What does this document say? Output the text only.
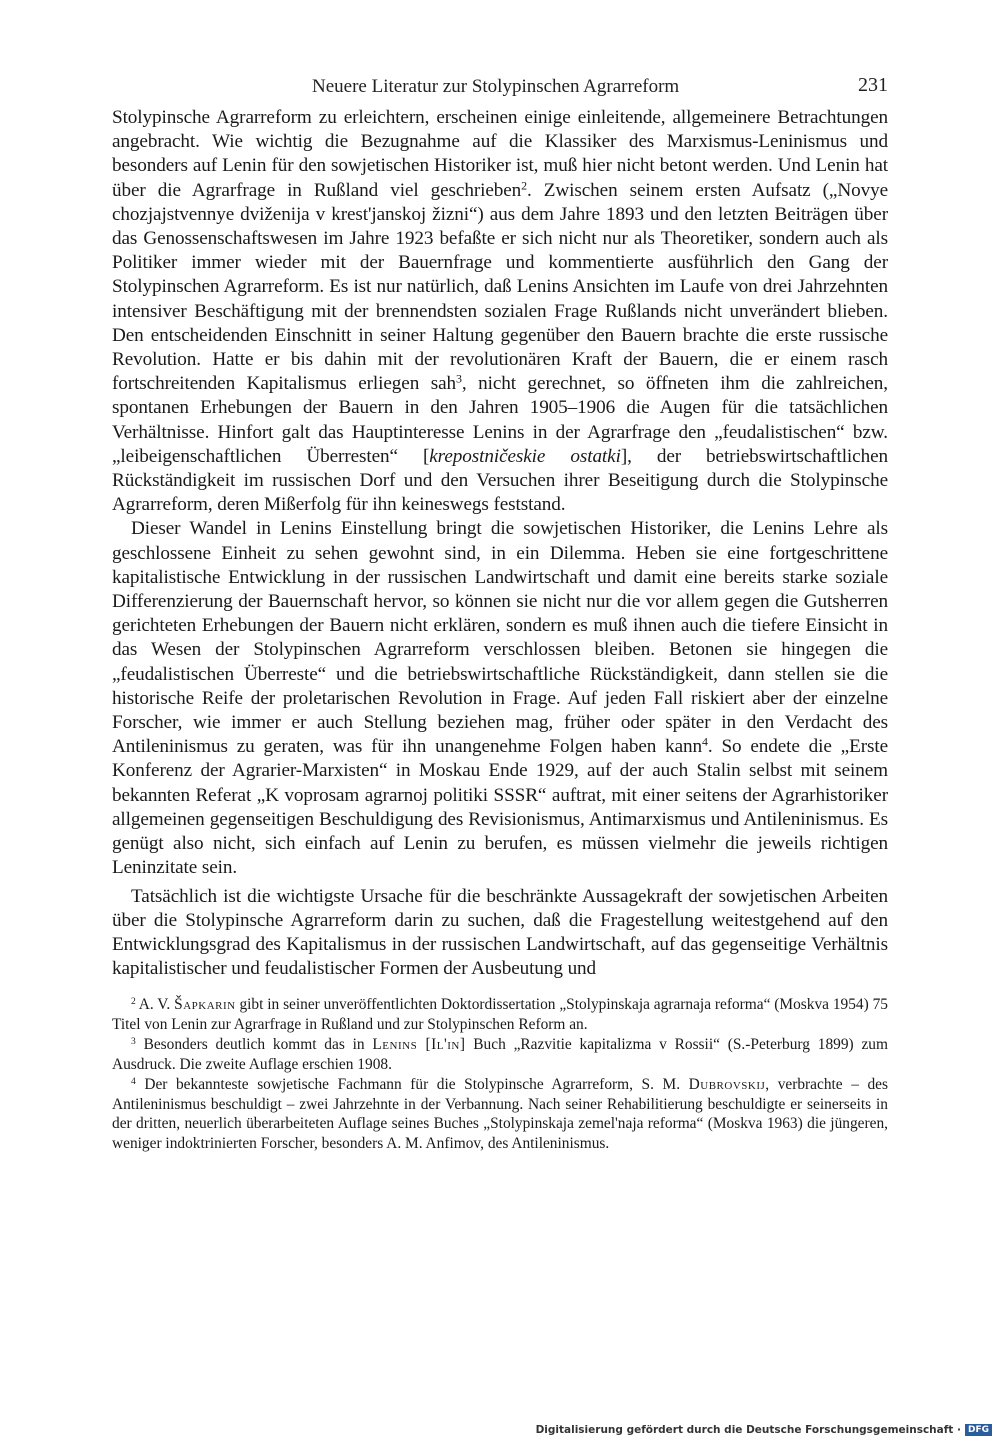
Neuere Literatur zur Stolypinschen Agrarreform	231

Stolypinsche Agrarreform zu erleichtern, erscheinen einige einleitende, allgemeinere Betrachtungen angebracht. Wie wichtig die Bezugnahme auf die Klassiker des Marxismus-Leninismus und besonders auf Lenin für den sowjetischen Historiker ist, muß hier nicht betont werden. Und Lenin hat über die Agrarfrage in Rußland viel geschrieben$^2$. Zwischen seinem ersten Aufsatz („Novye chozjajstvennye dviženija v krest'janskoj žizni“) aus dem Jahre 1893 und den letzten Beiträgen über das Genossenschaftswesen im Jahre 1923 befaßte er sich nicht nur als Theoretiker, sondern auch als Politiker immer wieder mit der Bauernfrage und kommentierte ausführlich den Gang der Stolypinschen Agrarreform. Es ist nur natürlich, daß Lenins Ansichten im Laufe von drei Jahrzehnten intensiver Beschäftigung mit der brennendsten sozialen Frage Rußlands nicht unverändert blieben. Den entscheidenden Einschnitt in seiner Haltung gegenüber den Bauern brachte die erste russische Revolution. Hatte er bis dahin mit der revolutionären Kraft der Bauern, die er einem rasch fortschreitenden Kapitalismus erliegen sah$^3$, nicht gerechnet, so öffneten ihm die zahlreichen, spontanen Erhebungen der Bauern in den Jahren 1905–1906 die Augen für die tatsächlichen Verhältnisse. Hinfort galt das Hauptinteresse Lenins in der Agrarfrage den „feudalistischen“ bzw. „leibeigenschaftlichen Überresten“ [krepostničeskie ostatki], der betriebswirtschaftlichen Rückständigkeit im russischen Dorf und den Versuchen ihrer Beseitigung durch die Stolypinsche Agrarreform, deren Mißerfolg für ihn keineswegs feststand.

Dieser Wandel in Lenins Einstellung bringt die sowjetischen Historiker, die Lenins Lehre als geschlossene Einheit zu sehen gewohnt sind, in ein Dilemma. Heben sie eine fortgeschrittene kapitalistische Entwicklung in der russischen Landwirtschaft und damit eine bereits starke soziale Differenzierung der Bauernschaft hervor, so können sie nicht nur die vor allem gegen die Gutsherren gerichteten Erhebungen der Bauern nicht erklären, sondern es muß ihnen auch die tiefere Einsicht in das Wesen der Stolypinschen Agrarreform verschlossen bleiben. Betonen sie hingegen die „feudalistischen Überreste“ und die betriebswirtschaftliche Rückständigkeit, dann stellen sie die historische Reife der proletarischen Revolution in Frage. Auf jeden Fall riskiert aber der einzelne Forscher, wie immer er auch Stellung beziehen mag, früher oder später in den Verdacht des Antileninismus zu geraten, was für ihn unangenehme Folgen haben kann$^4$. So endete die „Erste Konferenz der Agrarier-Marxisten“ in Moskau Ende 1929, auf der auch Stalin selbst mit seinem bekannten Referat „K voprosam agrarnoj politiki SSSR“ auftrat, mit einer seitens der Agrarhistoriker allgemeinen gegenseitigen Beschuldigung des Revisionismus, Antimarxismus und Antileninismus. Es genügt also nicht, sich einfach auf Lenin zu berufen, es müssen vielmehr die jeweils richtigen Leninzitate sein.

Tatsächlich ist die wichtigste Ursache für die beschränkte Aussagekraft der sowjetischen Arbeiten über die Stolypinsche Agrarreform darin zu suchen, daß die Fragestellung weitestgehend auf den Entwicklungsgrad des Kapitalismus in der russischen Landwirtschaft, auf das gegenseitige Verhältnis kapitalistischer und feudalistischer Formen der Ausbeutung und

$^2$ A. V. Šapkarin gibt in seiner unveröffentlichten Doktordissertation „Stolypinskaja agrarnaja reforma“ (Moskva 1954) 75 Titel von Lenin zur Agrarfrage in Rußland und zur Stolypinschen Reform an.

$^3$ Besonders deutlich kommt das in Lenins [Il'in] Buch „Razvitie kapitalizma v Rossii“ (S.-Peterburg 1899) zum Ausdruck. Die zweite Auflage erschien 1908.

$^4$ Der bekannteste sowjetische Fachmann für die Stolypinsche Agrarreform, S. M. Dubrovskij, verbrachte – des Antileninismus beschuldigt – zwei Jahrzehnte in der Verbannung. Nach seiner Rehabilitierung beschuldigte er seinerseits in der dritten, neuerlich überarbeiteten Auflage seines Buches „Stolypinskaja zemel'naja reforma“ (Moskva 1963) die jüngeren, weniger indoktrinierten Forscher, besonders A. M. Anfimov, des Antileninismus.

Digitalisierung gefördert durch die Deutsche Forschungsgemeinschaft · DFG
